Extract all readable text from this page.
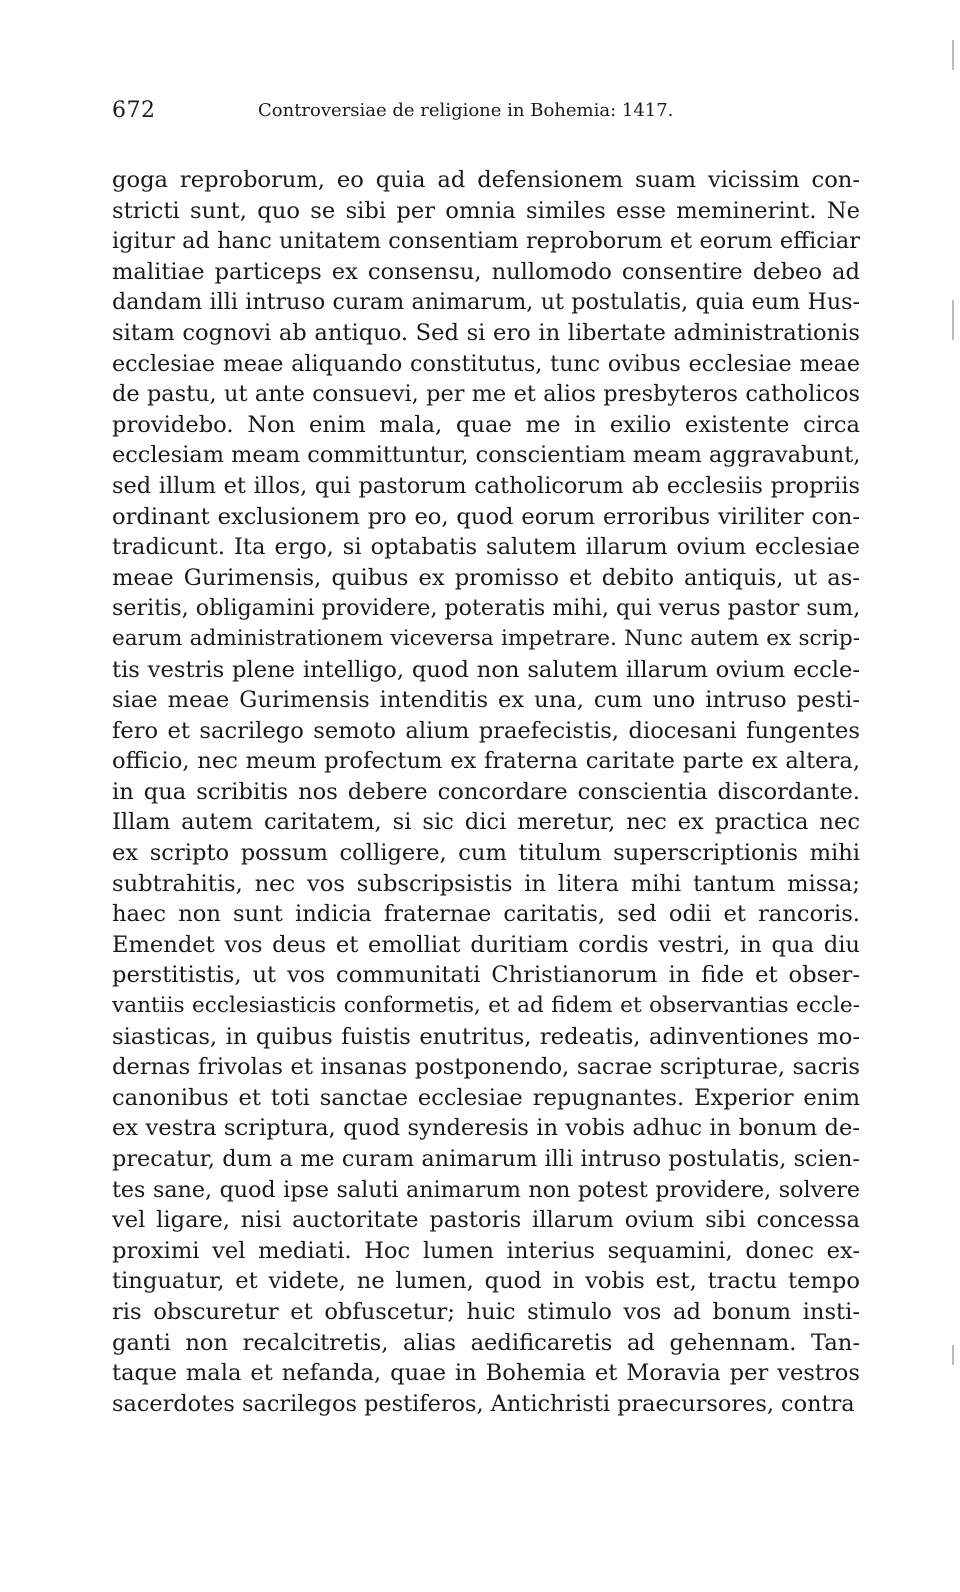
672	Controversiae de religione in Bohemia: 1417.
goga reproborum, eo quia ad defensionem suam vicissim con-
stricti sunt, quo se sibi per omnia similes esse meminerint. Ne
igitur ad hanc unitatem consentiam reproborum et eorum efficiar
malitiae particeps ex consensu, nullomodo consentire debeo ad
dandam illi intruso curam animarum, ut postulatis, quia eum Hus-
sitam cognovi ab antiquo. Sed si ero in libertate administrationis
ecclesiae meae aliquando constitutus, tunc ovibus ecclesiae meae
de pastu, ut ante consuevi, per me et alios presbyteros catholicos
providebo. Non enim mala, quae me in exilio existente circa
ecclesiam meam committuntur, conscientiam meam aggravabunt,
sed illum et illos, qui pastorum catholicorum ab ecclesiis propriis
ordinant exclusionem pro eo, quod eorum erroribus viriliter con-
tradicunt. Ita ergo, si optabatis salutem illarum ovium ecclesiae
meae Gurimensis, quibus ex promisso et debito antiquis, ut as-
seritis, obligamini providere, poteratis mihi, qui verus pastor sum,
earum administrationem viceversa impetrare. Nunc autem ex scrip-
tis vestris plene intelligo, quod non salutem illarum ovium eccle-
siae meae Gurimensis intenditis ex una, cum uno intruso pesti-
fero et sacrilego semoto alium praefecistis, diocesani fungentes
officio, nec meum profectum ex fraterna caritate parte ex altera,
in qua scribitis nos debere concordare conscientia discordante.
Illam autem caritatem, si sic dici meretur, nec ex practica nec
ex scripto possum colligere, cum titulum superscriptionis mihi
subtrahitis, nec vos subscripsistis in litera mihi tantum missa;
haec non sunt indicia fraternae caritatis, sed odii et rancoris.
Emendet vos deus et emolliat duritiam cordis vestri, in qua diu
perstitistis, ut vos communitati Christianorum in fide et obser-
vantiis ecclesiasticis conformetis, et ad fidem et observantias eccle-
siasticas, in quibus fuistis enutritus, redeatis, adinventiones mo-
dernas frivolas et insanas postponendo, sacrae scripturae, sacris
canonibus et toti sanctae ecclesiae repugnantes. Experior enim
ex vestra scriptura, quod synderesis in vobis adhuc in bonum de-
precatur, dum a me curam animarum illi intruso postulatis, scien-
tes sane, quod ipse saluti animarum non potest providere, solvere
vel ligare, nisi auctoritate pastoris illarum ovium sibi concessa
proximi vel mediati. Hoc lumen interius sequamini, donec ex-
tinguatur, et videte, ne lumen, quod in vobis est, tractu tempo
ris obscuretur et obfuscetur; huic stimulo vos ad bonum insti-
ganti non recalcitretis, alias aedificaretis ad gehennam. Tan-
taque mala et nefanda, quae in Bohemia et Moravia per vestros
sacerdotes sacrilegos pestiferos, Antichristi praecursores, contra
